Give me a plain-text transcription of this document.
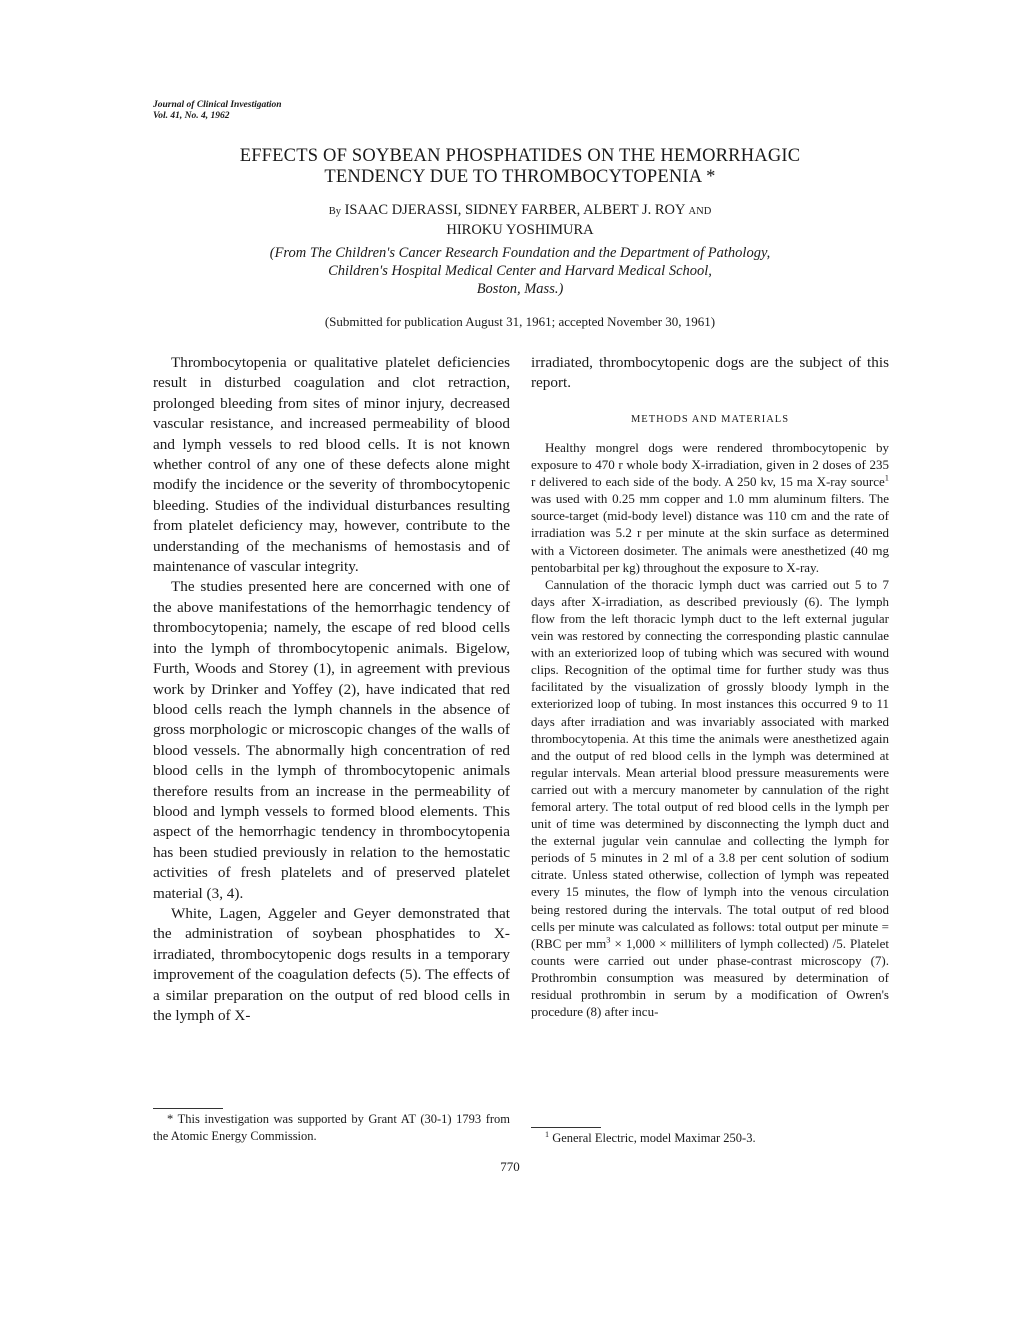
Journal of Clinical Investigation
Vol. 41, No. 4, 1962
EFFECTS OF SOYBEAN PHOSPHATIDES ON THE HEMORRHAGIC
TENDENCY DUE TO THROMBOCYTOPENIA *
By ISAAC DJERASSI, SIDNEY FARBER, ALBERT J. ROY AND
HIROKU YOSHIMURA
(From The Children's Cancer Research Foundation and the Department of Pathology,
Children's Hospital Medical Center and Harvard Medical School,
Boston, Mass.)
(Submitted for publication August 31, 1961; accepted November 30, 1961)

Thrombocytopenia or qualitative platelet deficiencies result in disturbed coagulation and clot retraction, prolonged bleeding from sites of minor injury, decreased vascular resistance, and increased permeability of blood and lymph vessels to red blood cells. It is not known whether control of any one of these defects alone might modify the incidence or the severity of thrombocytopenic bleeding. Studies of the individual disturbances resulting from platelet deficiency may, however, contribute to the understanding of the mechanisms of hemostasis and of maintenance of vascular integrity.

The studies presented here are concerned with one of the above manifestations of the hemorrhagic tendency of thrombocytopenia; namely, the escape of red blood cells into the lymph of thrombocytopenic animals. Bigelow, Furth, Woods and Storey (1), in agreement with previous work by Drinker and Yoffey (2), have indicated that red blood cells reach the lymph channels in the absence of gross morphologic or microscopic changes of the walls of blood vessels. The abnormally high concentration of red blood cells in the lymph of thrombocytopenic animals therefore results from an increase in the permeability of blood and lymph vessels to formed blood elements. This aspect of the hemorrhagic tendency in thrombocytopenia has been studied previously in relation to the hemostatic activities of fresh platelets and of preserved platelet material (3, 4).

White, Lagen, Aggeler and Geyer demonstrated that the administration of soybean phosphatides to X-irradiated, thrombocytopenic dogs results in a temporary improvement of the coagulation defects (5). The effects of a similar preparation on the output of red blood cells in the lymph of X-

irradiated, thrombocytopenic dogs are the subject of this report.

METHODS AND MATERIALS

Healthy mongrel dogs were rendered thrombocytopenic by exposure to 470 r whole body X-irradiation, given in 2 doses of 235 r delivered to each side of the body. A 250 kv, 15 ma X-ray source$^1$ was used with 0.25 mm copper and 1.0 mm aluminum filters. The source-target (mid-body level) distance was 110 cm and the rate of irradiation was 5.2 r per minute at the skin surface as determined with a Victoreen dosimeter. The animals were anesthetized (40 mg pentobarbital per kg) throughout the exposure to X-ray.

Cannulation of the thoracic lymph duct was carried out 5 to 7 days after X-irradiation, as described previously (6). The lymph flow from the left thoracic lymph duct to the left external jugular vein was restored by connecting the corresponding plastic cannulae with an exteriorized loop of tubing which was secured with wound clips. Recognition of the optimal time for further study was thus facilitated by the visualization of grossly bloody lymph in the exteriorized loop of tubing. In most instances this occurred 9 to 11 days after irradiation and was invariably associated with marked thrombocytopenia. At this time the animals were anesthetized again and the output of red blood cells in the lymph was determined at regular intervals. Mean arterial blood pressure measurements were carried out with a mercury manometer by cannulation of the right femoral artery. The total output of red blood cells in the lymph per unit of time was determined by disconnecting the lymph duct and the external jugular vein cannulae and collecting the lymph for periods of 5 minutes in 2 ml of a 3.8 per cent solution of sodium citrate. Unless stated otherwise, collection of lymph was repeated every 15 minutes, the flow of lymph into the venous circulation being restored during the intervals. The total output of red blood cells per minute was calculated as follows: total output per minute = (RBC per $mm^3 \times 1,000$ × milliliters of lymph collected) /5. Platelet counts were carried out under phase-contrast microscopy (7). Prothrombin consumption was measured by determination of residual prothrombin in serum by a modification of Owren's procedure (8) after incu-

* This investigation was supported by Grant AT (30-1) 1793 from the Atomic Energy Commission.	$^1$ General Electric, model Maximar 250-3.
770
